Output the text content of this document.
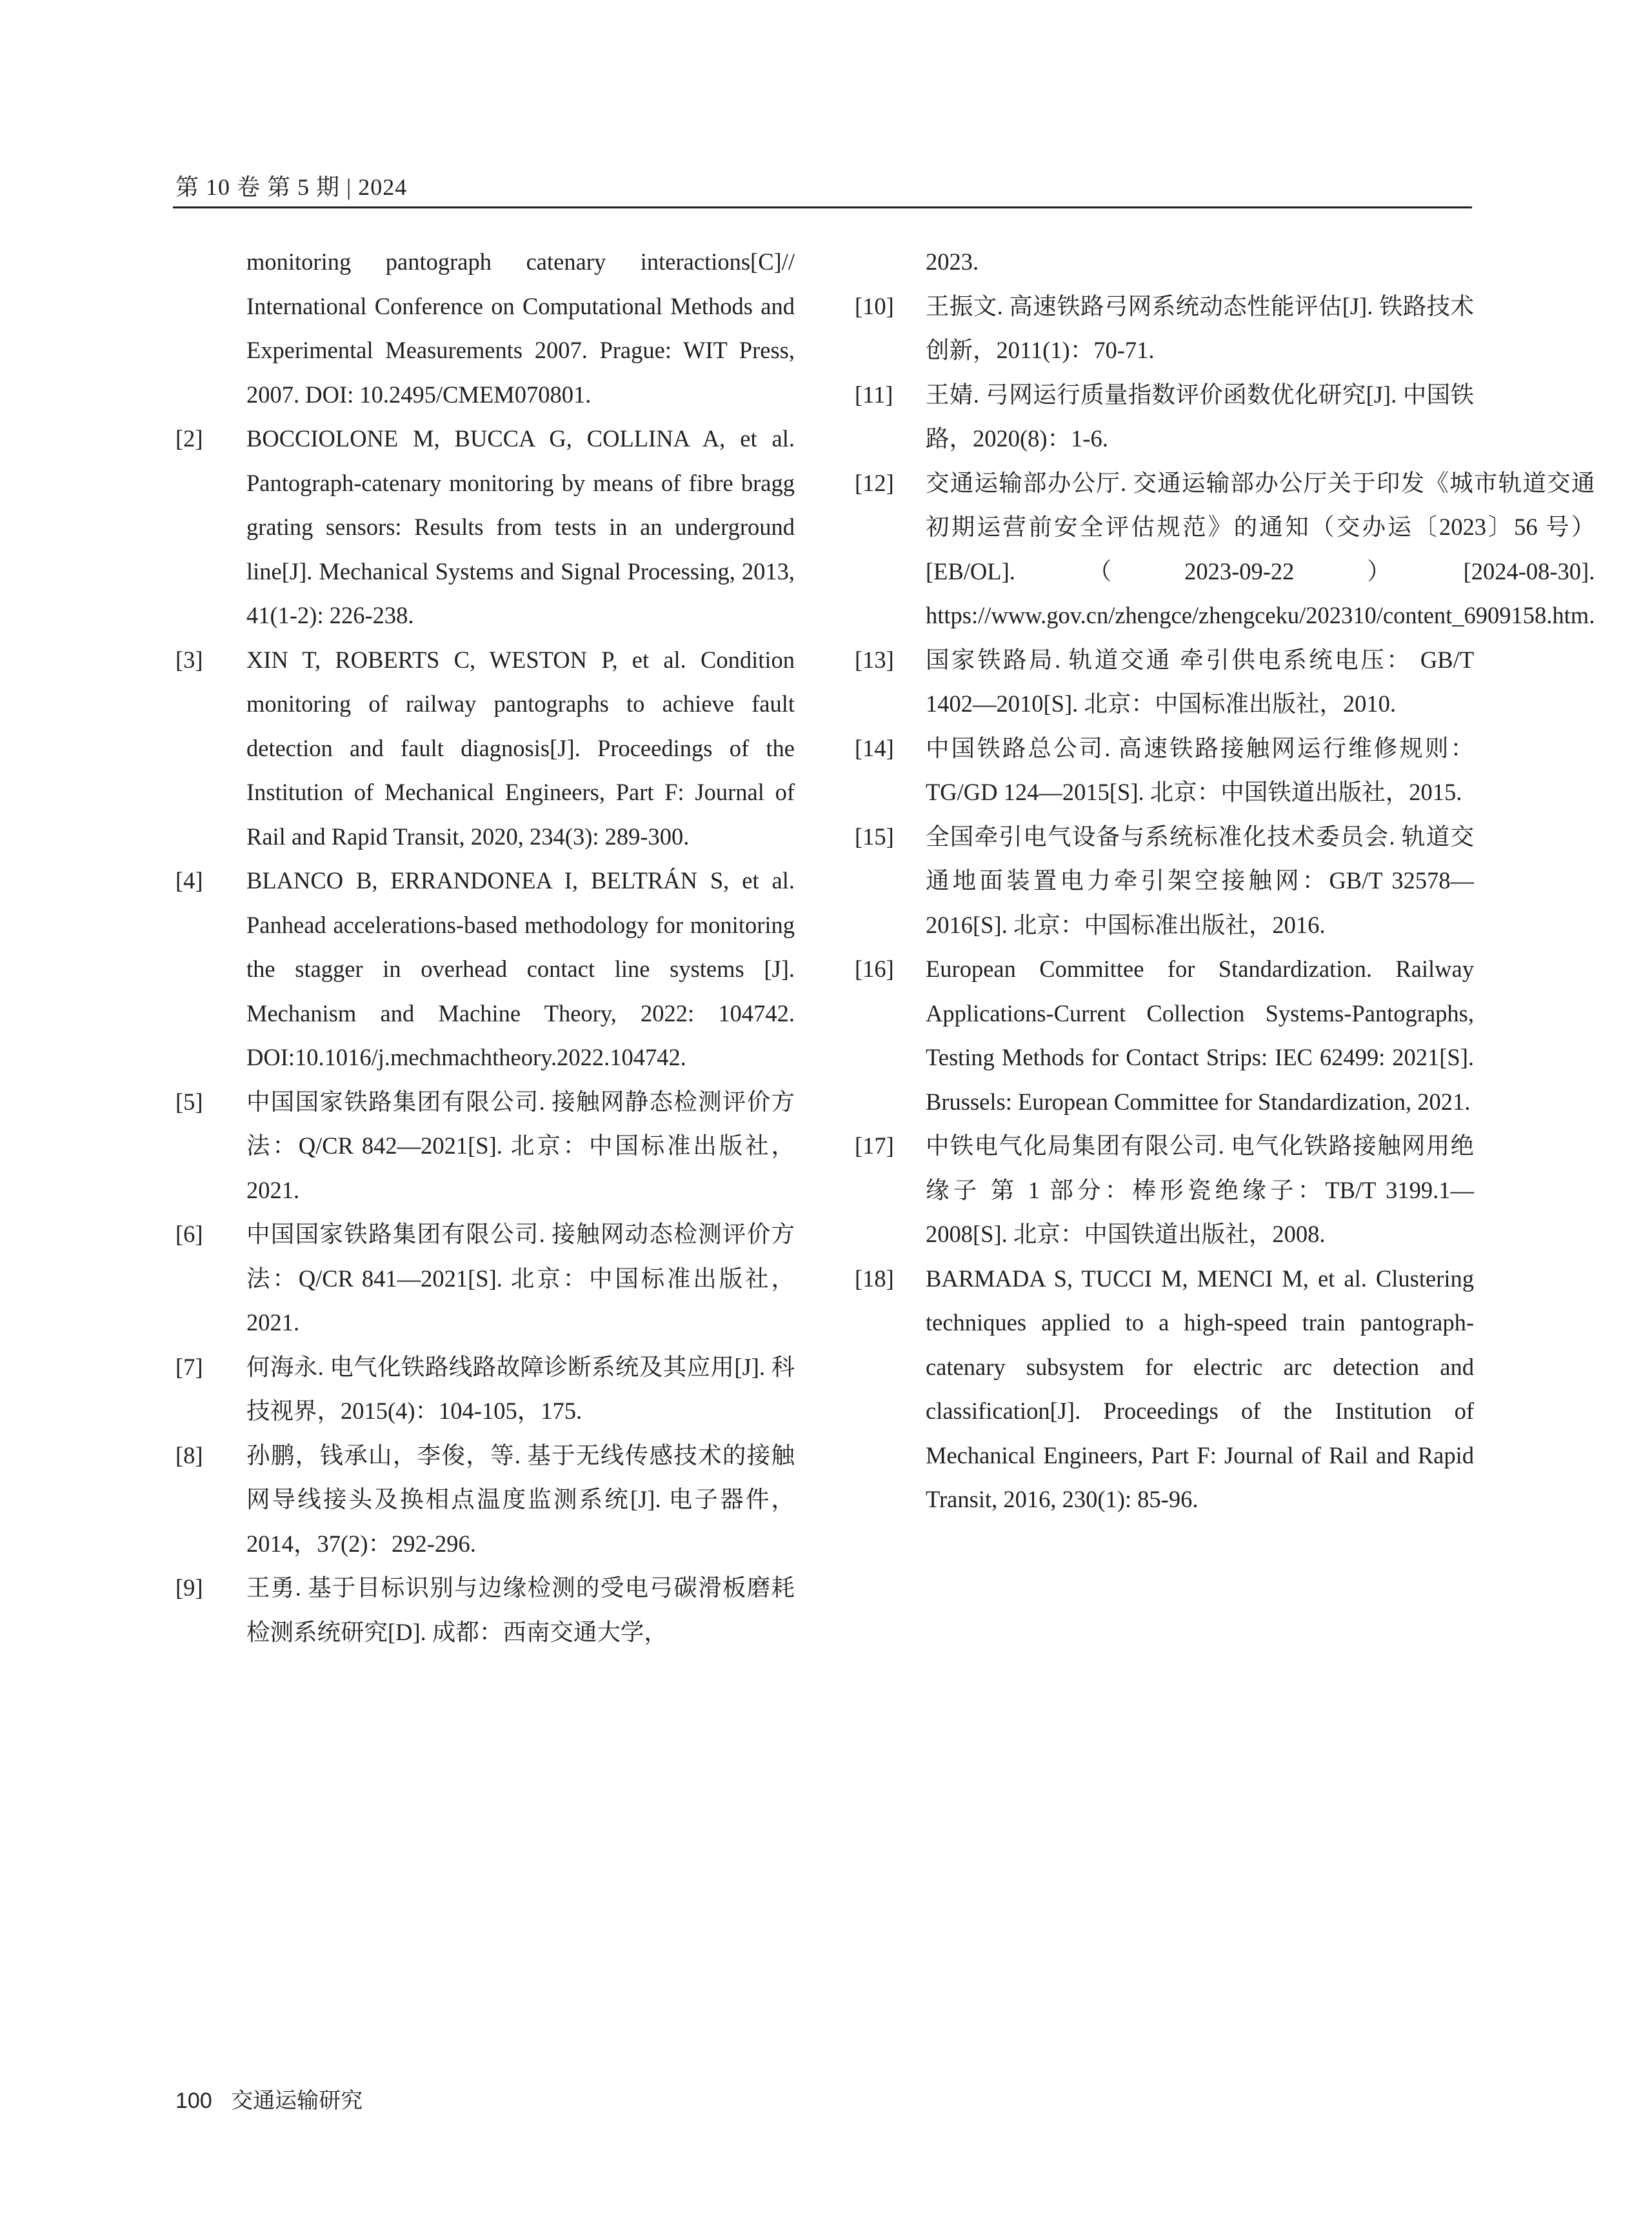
第 10 卷 第 5 期 | 2024
monitoring pantograph catenary interactions[C]// International Conference on Computational Methods and Experimental Measurements 2007. Prague: WIT Press, 2007. DOI: 10.2495/CMEM070801.
[2]	BOCCIOLONE M, BUCCA G, COLLINA A, et al. Pantograph-catenary monitoring by means of fibre bragg grating sensors: Results from tests in an underground line[J]. Mechanical Systems and Signal Processing, 2013, 41(1-2): 226-238.
[3]	XIN T, ROBERTS C, WESTON P, et al. Condition monitoring of railway pantographs to achieve fault detection and fault diagnosis[J]. Proceedings of the Institution of Mechanical Engineers, Part F: Journal of Rail and Rapid Transit, 2020, 234(3): 289-300.
[4]	BLANCO B, ERRANDONEA I, BELTRÁN S, et al. Panhead accelerations-based methodology for monitoring the stagger in overhead contact line systems [J]. Mechanism and Machine Theory, 2022: 104742. DOI:10.1016/j.mechmachtheory.2022.104742.
[5]	中国国家铁路集团有限公司. 接触网静态检测评价方法：Q/CR 842—2021[S]. 北京：中国标准出版社，2021.
[6]	中国国家铁路集团有限公司. 接触网动态检测评价方法：Q/CR 841—2021[S]. 北京：中国标准出版社，2021.
[7]	何海永. 电气化铁路线路故障诊断系统及其应用[J]. 科技视界，2015(4)：104-105，175.
[8]	孙鹏，钱承山，李俊，等. 基于无线传感技术的接触网导线接头及换相点温度监测系统[J]. 电子器件，2014，37(2)：292-296.
[9]	王勇. 基于目标识别与边缘检测的受电弓碳滑板磨耗检测系统研究[D]. 成都：西南交通大学，
2023.
[10]	王振文. 高速铁路弓网系统动态性能评估[J]. 铁路技术创新，2011(1)：70-71.
[11]	王婧. 弓网运行质量指数评价函数优化研究[J]. 中国铁路，2020(8)：1-6.
[12]	交通运输部办公厅. 交通运输部办公厅关于印发《城市轨道交通初期运营前安全评估规范》的通知（交办运〔2023〕56 号）[EB/OL].（2023-09-22）[2024-08-30]. https://www.gov.cn/zhengce/zhengceku/202310/content_6909158.htm.
[13]	国家铁路局. 轨道交通 牵引供电系统电压： GB/T 1402—2010[S]. 北京：中国标准出版社，2010.
[14]	中国铁路总公司. 高速铁路接触网运行维修规则：TG/GD 124—2015[S]. 北京：中国铁道出版社，2015.
[15]	全国牵引电气设备与系统标准化技术委员会. 轨道交通地面装置电力牵引架空接触网：GB/T 32578—2016[S]. 北京：中国标准出版社，2016.
[16]	European Committee for Standardization. Railway Applications-Current Collection Systems-Pantographs, Testing Methods for Contact Strips: IEC 62499: 2021[S]. Brussels: European Committee for Standardization, 2021.
[17]	中铁电气化局集团有限公司. 电气化铁路接触网用绝缘子 第 1 部分：棒形瓷绝缘子：TB/T 3199.1—2008[S]. 北京：中国铁道出版社，2008.
[18]	BARMADA S, TUCCI M, MENCI M, et al. Clustering techniques applied to a high-speed train pantograph-catenary subsystem for electric arc detection and classification[J]. Proceedings of the Institution of Mechanical Engineers, Part F: Journal of Rail and Rapid Transit, 2016, 230(1): 85-96.
100 交通运输研究
